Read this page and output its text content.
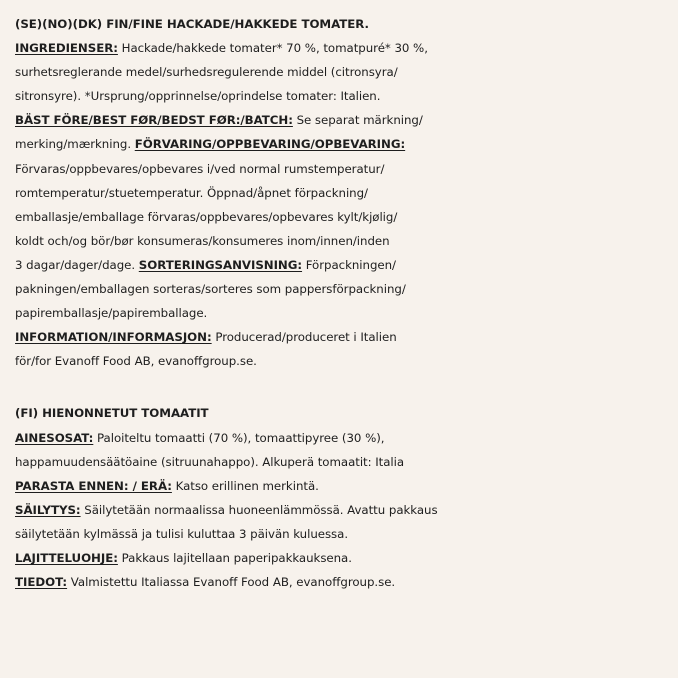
(SE)(NO)(DK) FIN/FINE HACKADE/HAKKEDE TOMATER.
INGREDIENSER: Hackade/hakkede tomater* 70 %, tomatpuré* 30 %,
surhetsreglerande medel/surhedsregulerende middel (citronsyra/
sitronsyre). *Ursprung/opprinnelse/oprindelse tomater: Italien.
BÄST FÖRE/BEST FØR/BEDST FØR:/BATCH: Se separat märkning/
merking/mærkning. FÖRVARING/OPPBEVARING/OPBEVARING:
Förvaras/oppbevares/opbevares i/ved normal rumstemperatur/
romtemperatur/stuetemperatur. Öppnad/åpnet förpackning/
emballasje/emballage förvaras/oppbevares/opbevares kylt/kjølig/
koldt och/og bör/bør konsumeras/konsumeres inom/innen/inden
3 dagar/dager/dage. SORTERINGSANVISNING: Förpackningen/
pakningen/emballagen sorteras/sorteres som pappersförpackning/
papiremballasje/papiremballage.
INFORMATION/INFORMASJON: Producerad/produceret i Italien
för/for Evanoff Food AB, evanoffgroup.se.
(FI) HIENONNETUT TOMAATIT
AINESOSAT: Paloiteltu tomaatti (70 %), tomaattipyree (30 %),
happamuudensäätöaine (sitruunahappo). Alkuperä tomaatit: Italia
PARASTA ENNEN: / ERÄ: Katso erillinen merkintä.
SÄILYTYS: Säilytetään normaalissa huoneenlämmössä. Avattu pakkaus
säilytetään kylmässä ja tulisi kuluttaa 3 päivän kuluessa.
LAJITTELUOHJE: Pakkaus lajitellaan paperipakkauksena.
TIEDOT: Valmistettu Italiassa Evanoff Food AB, evanoffgroup.se.
